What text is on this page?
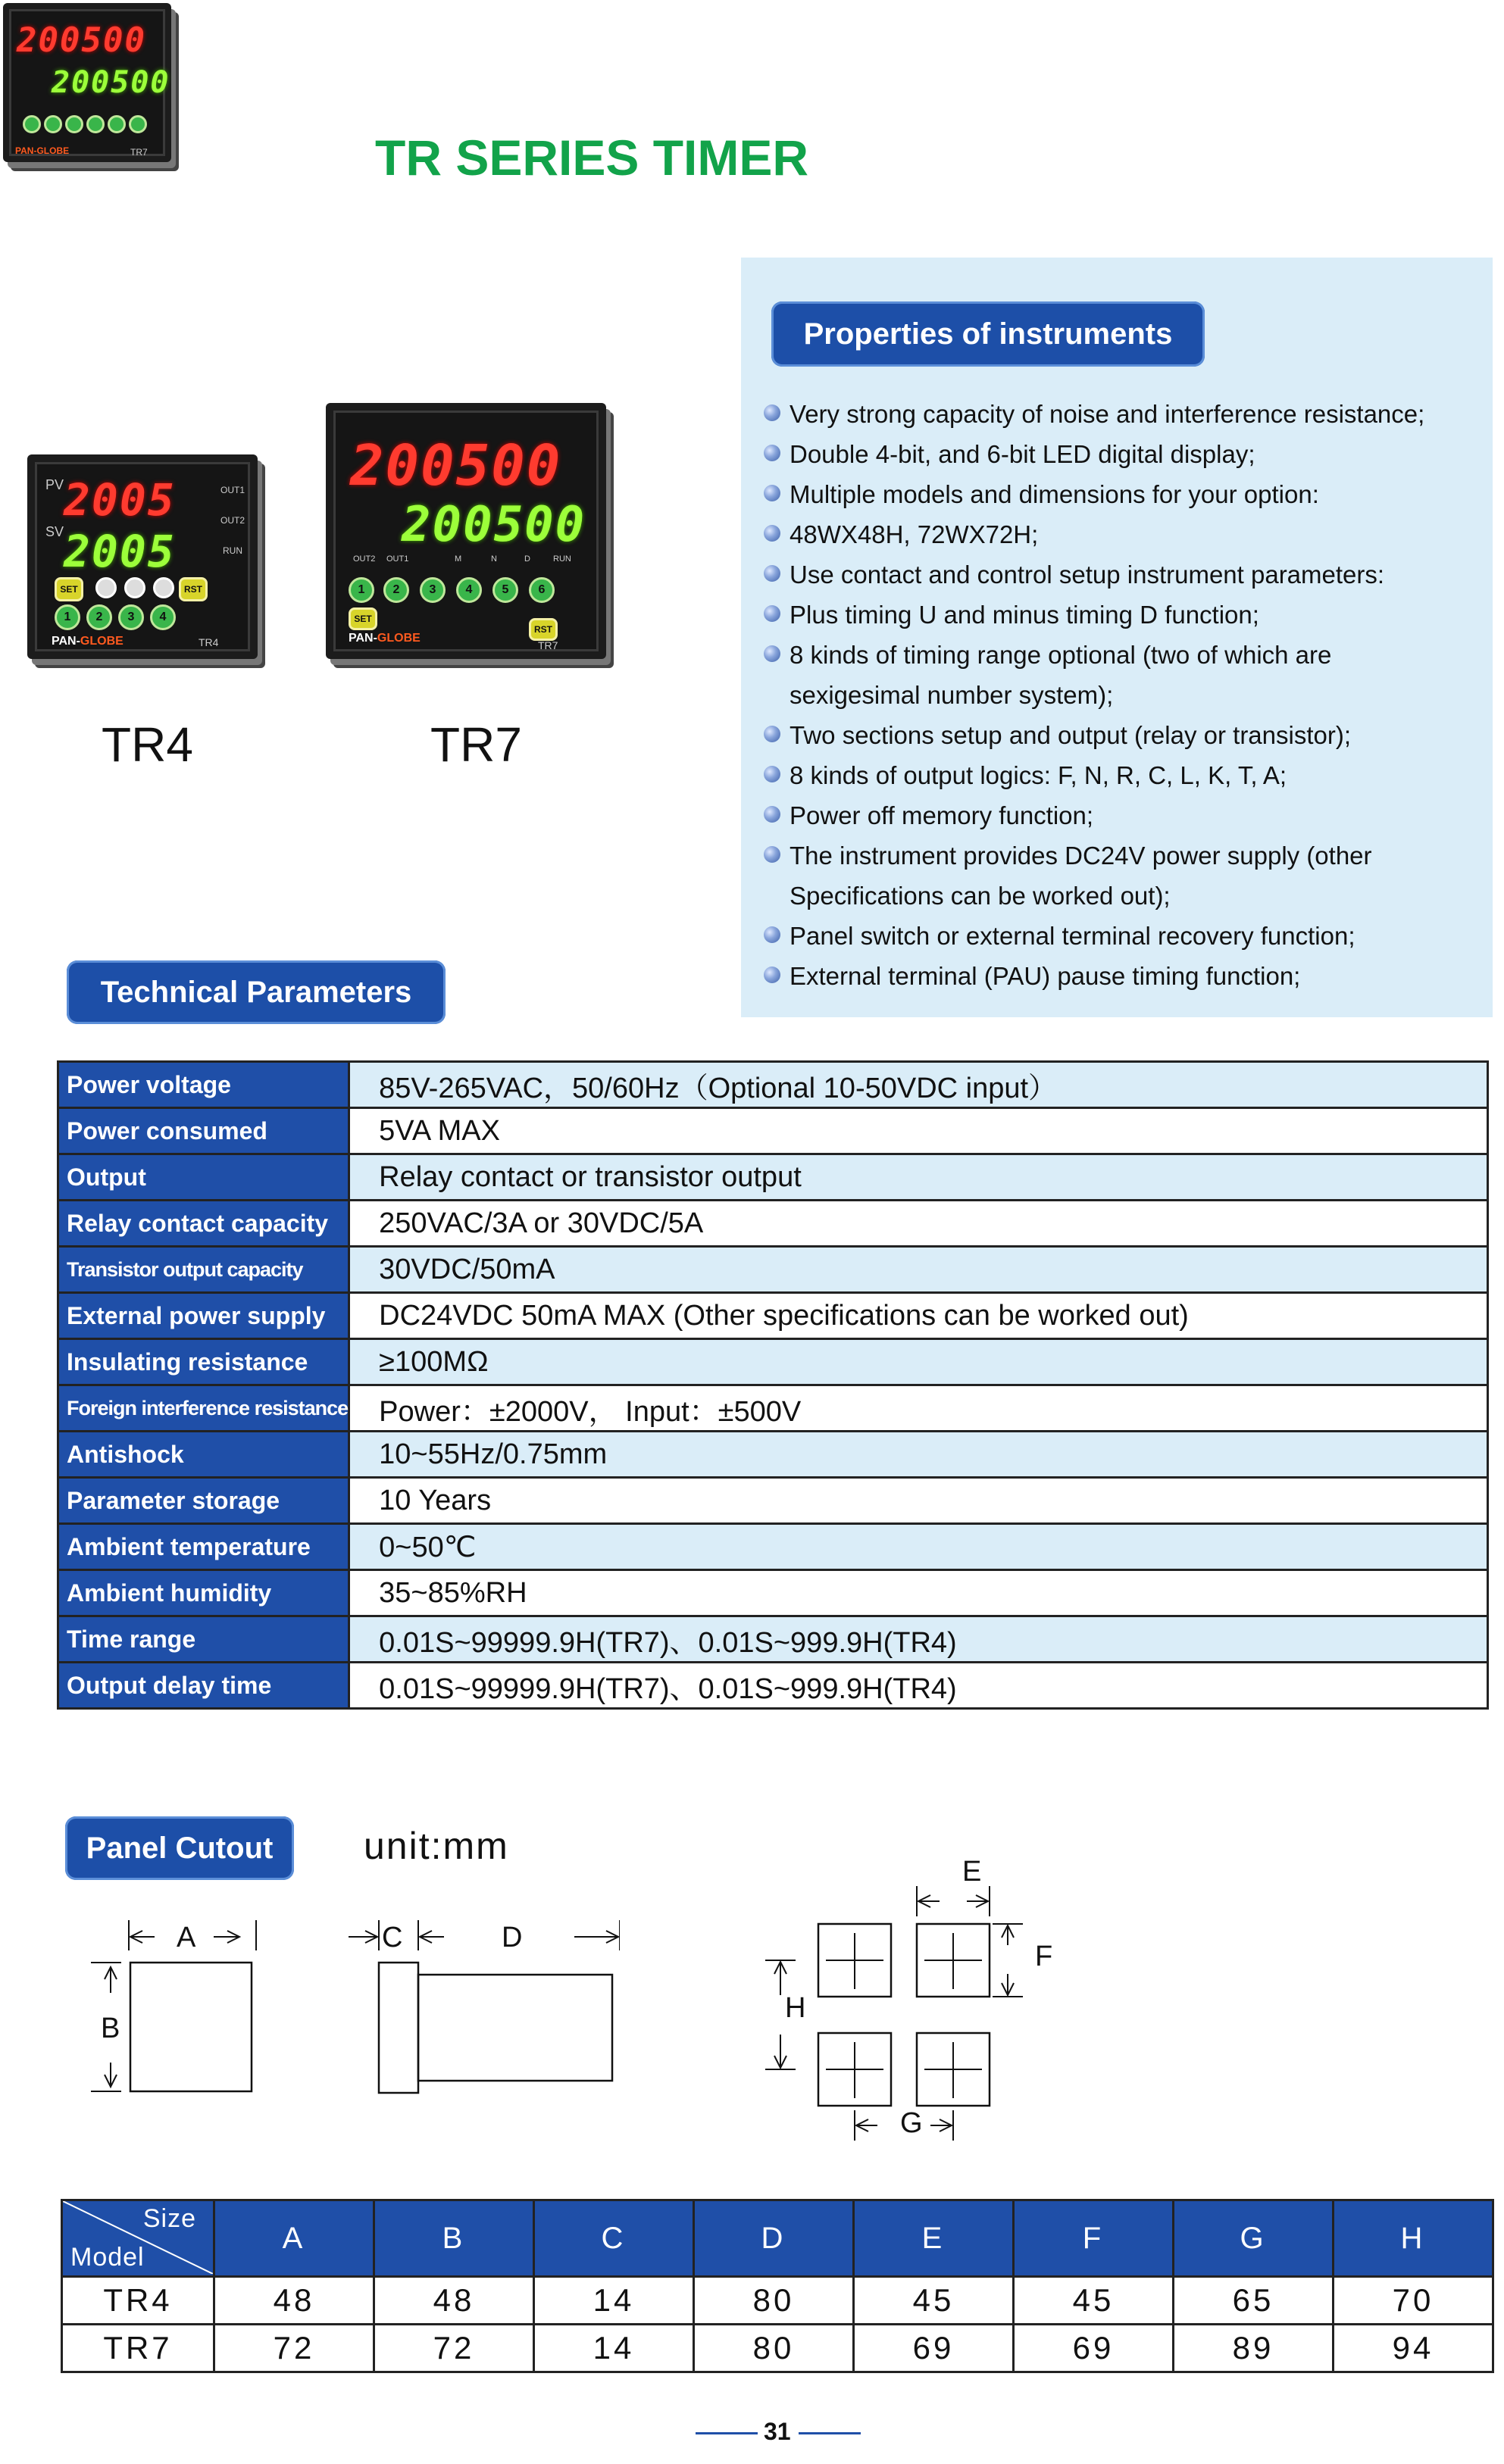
200500
200500
PAN-GLOBE	TR7	TR SERIES TIMER
PV
SV
2005
2005
OUT1
OUT2
RUN
SET	RST
1	2	3	4
PAN-GLOBE	TR4
200500
200500
OUT2 OUT1	M	N	D	RUN
1	2	3	4	5	6
SET
RST
PAN-GLOBE
TR7
TR4	TR7
Very strong capacity of noise and interference resistance;
Double 4-bit, and 6-bit LED digital display;
Multiple models and dimensions for your option:
48WX48H, 72WX72H;
Use contact and control setup instrument parameters:
Plus timing U and minus timing D function;
8 kinds of timing range optional (two of which are
sexigesimal number system);
Two sections setup and output (relay or transistor);
8 kinds of output logics: F, N, R, C, L, K, T, A;
Power off memory function;
The instrument provides DC24V power supply (other
Specifications can be worked out);
Panel switch or external terminal recovery function;
External terminal (PAU) pause timing function;
Properties of instruments
Technical Parameters
Power voltage	85V-265VAC，50/60Hz（Optional 10-50VDC input）
Power consumed	5VA MAX
Output	Relay contact or transistor output
Relay contact capacity	250VAC/3A or 30VDC/5A
Transistor output capacity	30VDC/50mA
External power supply	DC24VDC 50mA MAX (Other specifications can be worked out)
Insulating resistance	≥100MΩ
Foreign interference resistance	Power：±2000V， Input：±500V
Antishock	10~55Hz/0.75mm
Parameter storage	10 Years
Ambient temperature	0~50℃
Ambient humidity	35~85%RH
Time range	0.01S~99999.9H(TR7)、0.01S~999.9H(TR4)
Output delay time	0.01S~99999.9H(TR7)、0.01S~999.9H(TR4)
Panel Cutout	unit:mm
A
B
C	D
E
F
H
G
Size
Model	A	B	C	D	E	F	G	H
TR4	48	48	14	80	45	45	65	70
TR7	72	72	14	80	69	69	89	94
31
